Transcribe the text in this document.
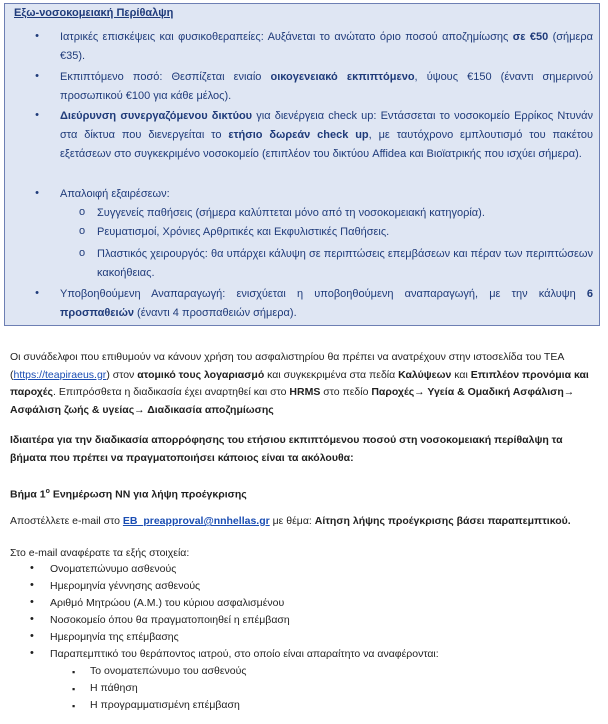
Εξω-νοσοκομειακή Περίθαλψη
• Ιατρικές επισκέψεις και φυσικοθεραπείες: Αυξάνεται το ανώτατο όριο ποσού αποζημίωσης σε €50 (σήμερα €35).
• Εκπιπτόμενο ποσό: Θεσπίζεται ενιαίο οικογενειακό εκπιπτόμενο, ύψους €150 (έναντι σημερινού προσωπικού €100 για κάθε μέλος).
• Διεύρυνση συνεργαζόμενου δικτύου για διενέργεια check up: Εντάσσεται το νοσοκομείο Ερρίκος Ντυνάν στα δίκτυα που διενεργείται το ετήσιο δωρεάν check up, με ταυτόχρονο εμπλουτισμό του πακέτου εξετάσεων στο συγκεκριμένο νοσοκομείο (επιπλέον του δικτύου Affidea και Βιοϊατρικής που ισχύει σήμερα).
• Απαλοιφή εξαιρέσεων:
o Συγγενείς παθήσεις (σήμερα καλύπτεται μόνο από τη νοσοκομειακή κατηγορία).
o Ρευματισμοί, Χρόνιες Αρθριτικές και Εκφυλιστικές Παθήσεις.
o Πλαστικός χειρουργός: θα υπάρχει κάλυψη σε περιπτώσεις επεμβάσεων και πέραν των περιπτώσεων κακοήθειας.
• Υποβοηθούμενη Αναπαραγωγή: ενισχύεται η υποβοηθούμενη αναπαραγωγή, με την κάλυψη 6 προσπαθειών (έναντι 4 προσπαθειών σήμερα).
Οι συνάδελφοι που επιθυμούν να κάνουν χρήση του ασφαλιστηρίου θα πρέπει να ανατρέχουν στην ιστοσελίδα του ΤΕΑ (https://teapiraeus.gr) στον ατομικό τους λογαριασμό και συγκεκριμένα στα πεδία Καλύψεων και Επιπλέον προνόμια και παροχές. Επιπρόσθετα η διαδικασία έχει αναρτηθεί και στο HRMS στο πεδίο Παροχές→ Υγεία & Ομαδική Ασφάλιση→ Ασφάλιση ζωής & υγείας→ Διαδικασία αποζημίωσης
Ιδιαιτέρα για την διαδικασία απορρόφησης του ετήσιου εκπιπτόμενου ποσού στη νοσοκομειακή περίθαλψη τα βήματα που πρέπει να πραγματοποιήσει κάποιος είναι τα ακόλουθα:
Βήμα $1^o$ Ενημέρωση ΝΝ για λήψη προέγκρισης
Αποστέλλετε e-mail στο EB_preapproval@nnhellas.gr με θέμα: Αίτηση λήψης προέγκρισης βάσει παραπεμπτικού.
Στο e-mail αναφέρατε τα εξής στοιχεία:
• Ονοματεπώνυμο ασθενούς
• Ημερομηνία γέννησης ασθενούς
• Αριθμό Μητρώου (Α.Μ.) του κύριου ασφαλισμένου
• Νοσοκομείο όπου θα πραγματοποιηθεί η επέμβαση
• Ημερομηνία της επέμβασης
• Παραπεμπτικό του θεράποντος ιατρού, στο οποίο είναι απαραίτητο να αναφέρονται:
▪ Το ονοματεπώνυμο του ασθενούς
▪ Η πάθηση
▪ Η προγραμματισμένη επέμβαση
